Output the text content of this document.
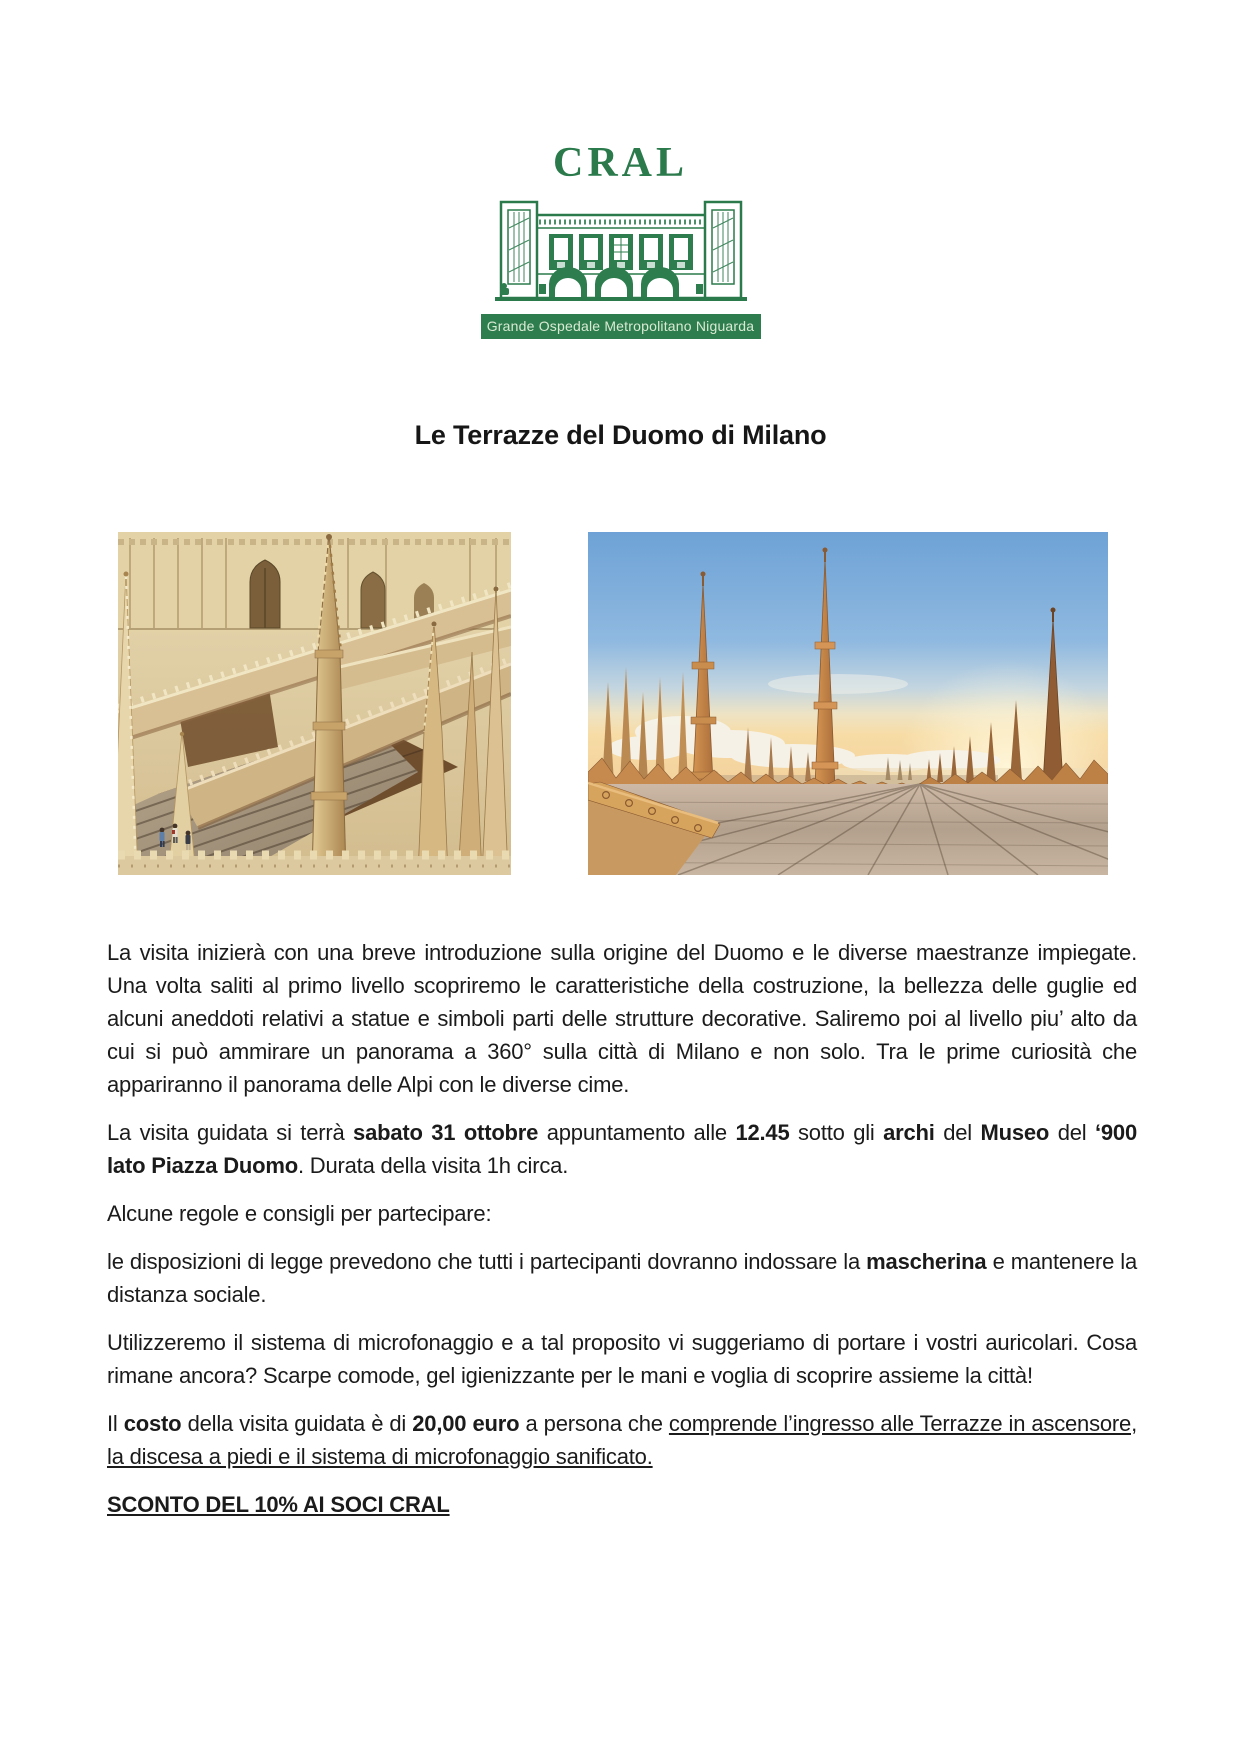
CRAL
Grande Ospedale Metropolitano Niguarda
Le Terrazze del Duomo di Milano

La visita inizierà con una breve introduzione sulla origine del Duomo e le diverse maestranze impiegate. Una volta saliti al primo livello scopriremo le caratteristiche della costruzione, la bellezza delle guglie ed alcuni aneddoti relativi a statue e simboli parti delle strutture decorative. Saliremo poi al livello piu’ alto da cui si può ammirare un panorama a 360° sulla città di Milano e non solo. Tra le prime curiosità che appariranno il panorama delle Alpi con le diverse cime.

La visita guidata si terrà sabato 31 ottobre appuntamento alle 12.45 sotto gli archi del Museo del ‘900 lato Piazza Duomo. Durata della visita 1h circa.

Alcune regole e consigli per partecipare:

le disposizioni di legge prevedono che tutti i partecipanti dovranno indossare la mascherina e mantenere la distanza sociale.

Utilizzeremo il sistema di microfonaggio e a tal proposito vi suggeriamo di portare i vostri auricolari. Cosa rimane ancora? Scarpe comode, gel igienizzante per le mani e voglia di scoprire assieme la città!

Il costo della visita guidata è di 20,00 euro a persona che comprende l’ingresso alle Terrazze in ascensore, la discesa a piedi e il sistema di microfonaggio sanificato.

SCONTO DEL 10% AI SOCI CRAL
